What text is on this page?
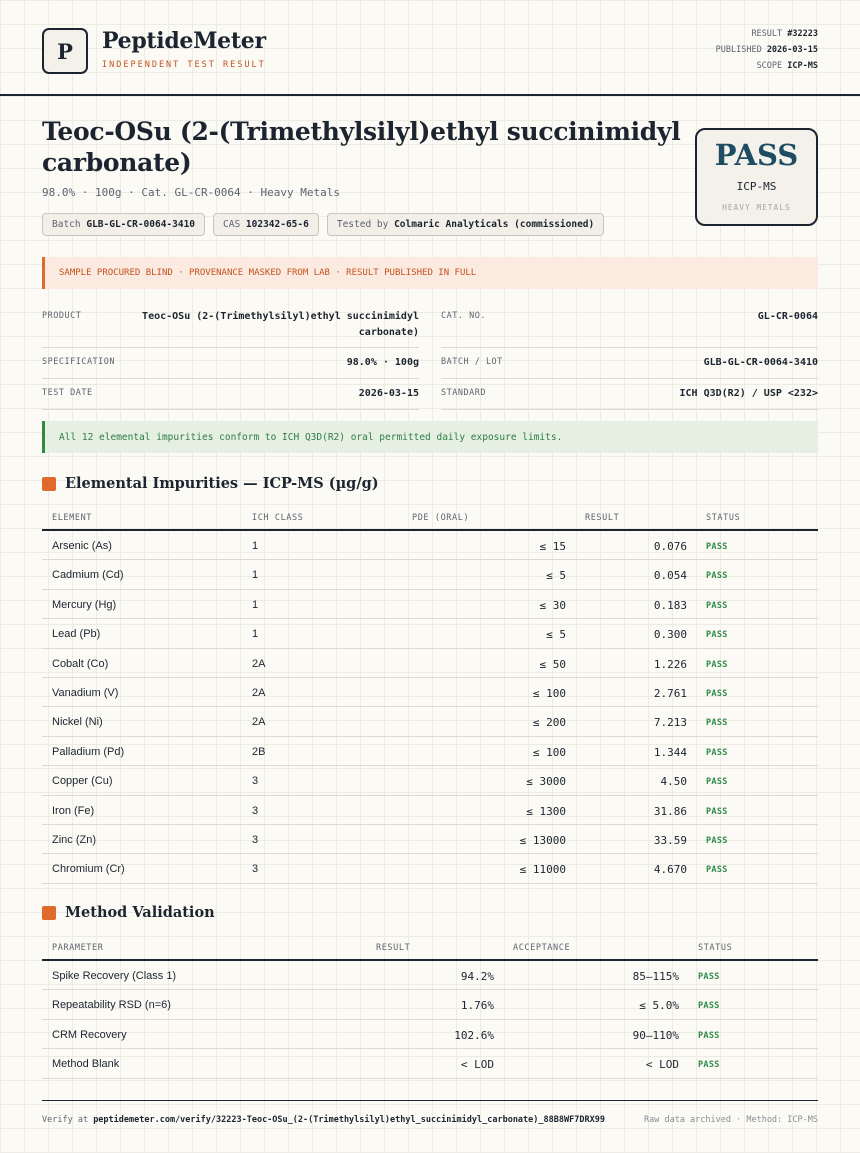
P	PeptideMeter
INDEPENDENT TEST RESULT
RESULT #32223
PUBLISHED 2026-03-15
SCOPE ICP-MS
Teoc-OSu (2-(Trimethylsilyl)ethyl succinimidyl carbonate)
98.0% · 100g · Cat. GL-CR-0064 · Heavy Metals
Batch GLB-GL-CR-0064-3410	CAS 102342-65-6	Tested by Colmaric Analyticals (commissioned)
PASS
ICP-MS
HEAVY METALS
SAMPLE PROCURED BLIND · PROVENANCE MASKED FROM LAB · RESULT PUBLISHED IN FULL
PRODUCT	Teoc-OSu (2-(Trimethylsilyl)ethyl succinimidyl carbonate)
CAT. NO.	GL-CR-0064
SPECIFICATION	98.0% · 100g	BATCH / LOT	GLB-GL-CR-0064-3410
TEST DATE	2026-03-15	STANDARD	ICH Q3D(R2) / USP <232>
All 12 elemental impurities conform to ICH Q3D(R2) oral permitted daily exposure limits.
Elemental Impurities — ICP-MS (µg/g)
ELEMENT	ICH CLASS	PDE (ORAL)	RESULT	STATUS
Arsenic (As)	1	≤ 15	0.076 PASS
Cadmium (Cd)	1	≤ 5	0.054 PASS
Mercury (Hg)	1	≤ 30	0.183 PASS
Lead (Pb)	1	≤ 5	0.300 PASS
Cobalt (Co)	2A	≤ 50	1.226 PASS
Vanadium (V)	2A	≤ 100	2.761 PASS
Nickel (Ni)	2A	≤ 200	7.213 PASS
Palladium (Pd)	2B	≤ 100	1.344 PASS
Copper (Cu)	3	≤ 3000	4.50 PASS
Iron (Fe)	3	≤ 1300	31.86 PASS
Zinc (Zn)	3	≤ 13000	33.59 PASS
Chromium (Cr)	3	≤ 11000	4.670 PASS
Method Validation
PARAMETER	RESULT	ACCEPTANCE	STATUS
Spike Recovery (Class 1)	94.2%	85–115% PASS
Repeatability RSD (n=6)	1.76%	≤ 5.0% PASS
CRM Recovery	102.6%	90–110% PASS
Method Blank	< LOD	< LOD PASS
Verify at peptidemeter.com/verify/32223-Teoc-OSu_(2-(Trimethylsilyl)ethyl_succinimidyl_carbonate)_88B8WF7DRX99	Raw data archived · Method: ICP-MS
